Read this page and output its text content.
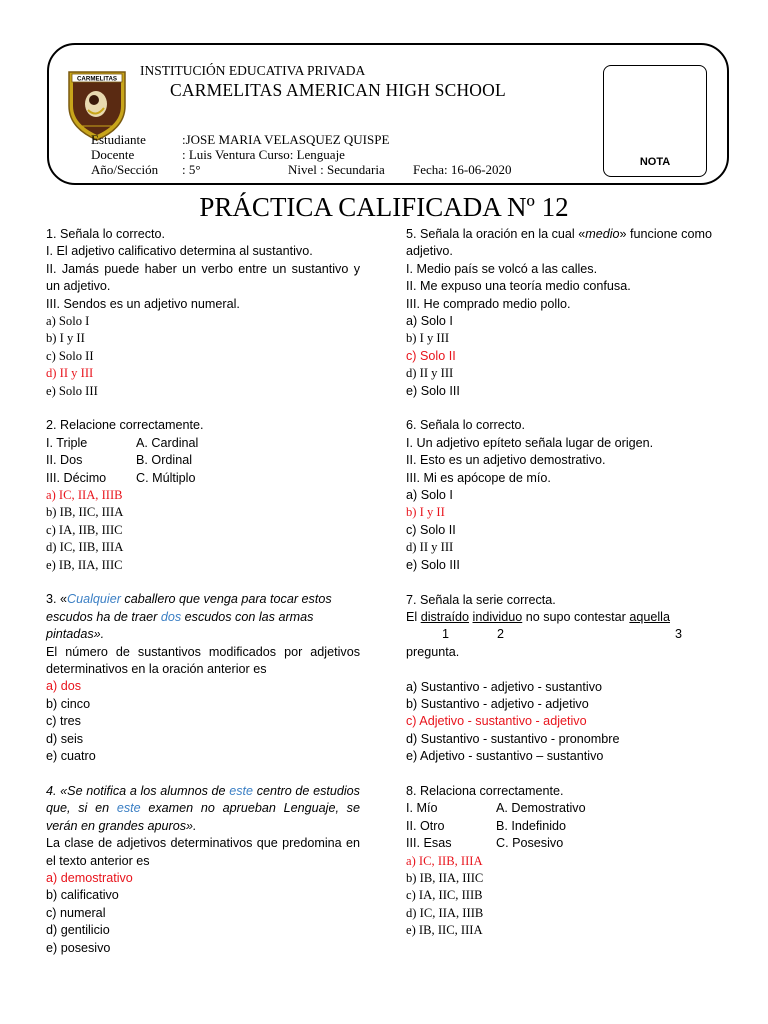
CARMELITAS
INSTITUCIÓN EDUCATIVA PRIVADA
CARMELITAS AMERICAN HIGH SCHOOL
Estudiante	:JOSE MARIA VELASQUEZ QUISPE
Docente	: Luis Ventura Curso: Lenguaje
Año/Sección : 5°	Nivel : Secundaria Fecha: 16-06-2020	NOTA
PRÁCTICA CALIFICADA Nº 12

1. Señala lo correcto.

I. El adjetivo calificativo determina al sustantivo.

II. Jamás puede haber un verbo entre un sustantivo y un adjetivo.

III. Sendos es un adjetivo numeral.

a) Solo I

b) I y II

c) Solo II

d) II y III

e) Solo III

2. Relacione correctamente.

I. Triple	A. Cardinal
II. Dos	B. Ordinal
III. Décimo C. Múltiplo

a) IC, IIA, IIIB

b) IB, IIC, IIIA

c) IA, IIB, IIIC

d) IC, IIB, IIIA

e) IB, IIA, IIIC

3. «Cualquier caballero que venga para tocar estos

escudos ha de traer dos escudos con las armas pintadas».

El número de sustantivos modificados por adjetivos determinativos en la oración anterior es

a) dos

b) cinco

c) tres

d) seis

e) cuatro

4. «Se notifica a los alumnos de este centro de estudios que, si en este examen no aprueban Lenguaje, se verán en grandes apuros».

La clase de adjetivos determinativos que predomina en el texto anterior es

a) demostrativo

b) calificativo

c) numeral

d) gentilicio

e) posesivo

5. Señala la oración en la cual «medio» funcione como adjetivo.

I. Medio país se volcó a las calles.

II. Me expuso una teoría medio confusa.

III. He comprado medio pollo.

a) Solo I

b) I y III

c) Solo II

d) II y III

e) Solo III

6. Señala lo correcto.

I. Un adjetivo epíteto señala lugar de origen.

II. Esto es un adjetivo demostrativo.

III. Mi es apócope de mío.

a) Solo I

b) I y II

c) Solo II

d) II y III

e) Solo III

7. Señala la serie correcta.

El distraído individuo no supo contestar aquella

1	2	3

pregunta.

a) Sustantivo - adjetivo - sustantivo

b) Sustantivo - adjetivo - adjetivo

c) Adjetivo - sustantivo - adjetivo

d) Sustantivo - sustantivo - pronombre

e) Adjetivo - sustantivo – sustantivo

8. Relaciona correctamente.

I. Mío	A. Demostrativo
II. Otro	B. Indefinido
III. Esas	C. Posesivo

a) IC, IIB, IIIA

b) IB, IIA, IIIC

c) IA, IIC, IIIB

d) IC, IIA, IIIB

e) IB, IIC, IIIA
